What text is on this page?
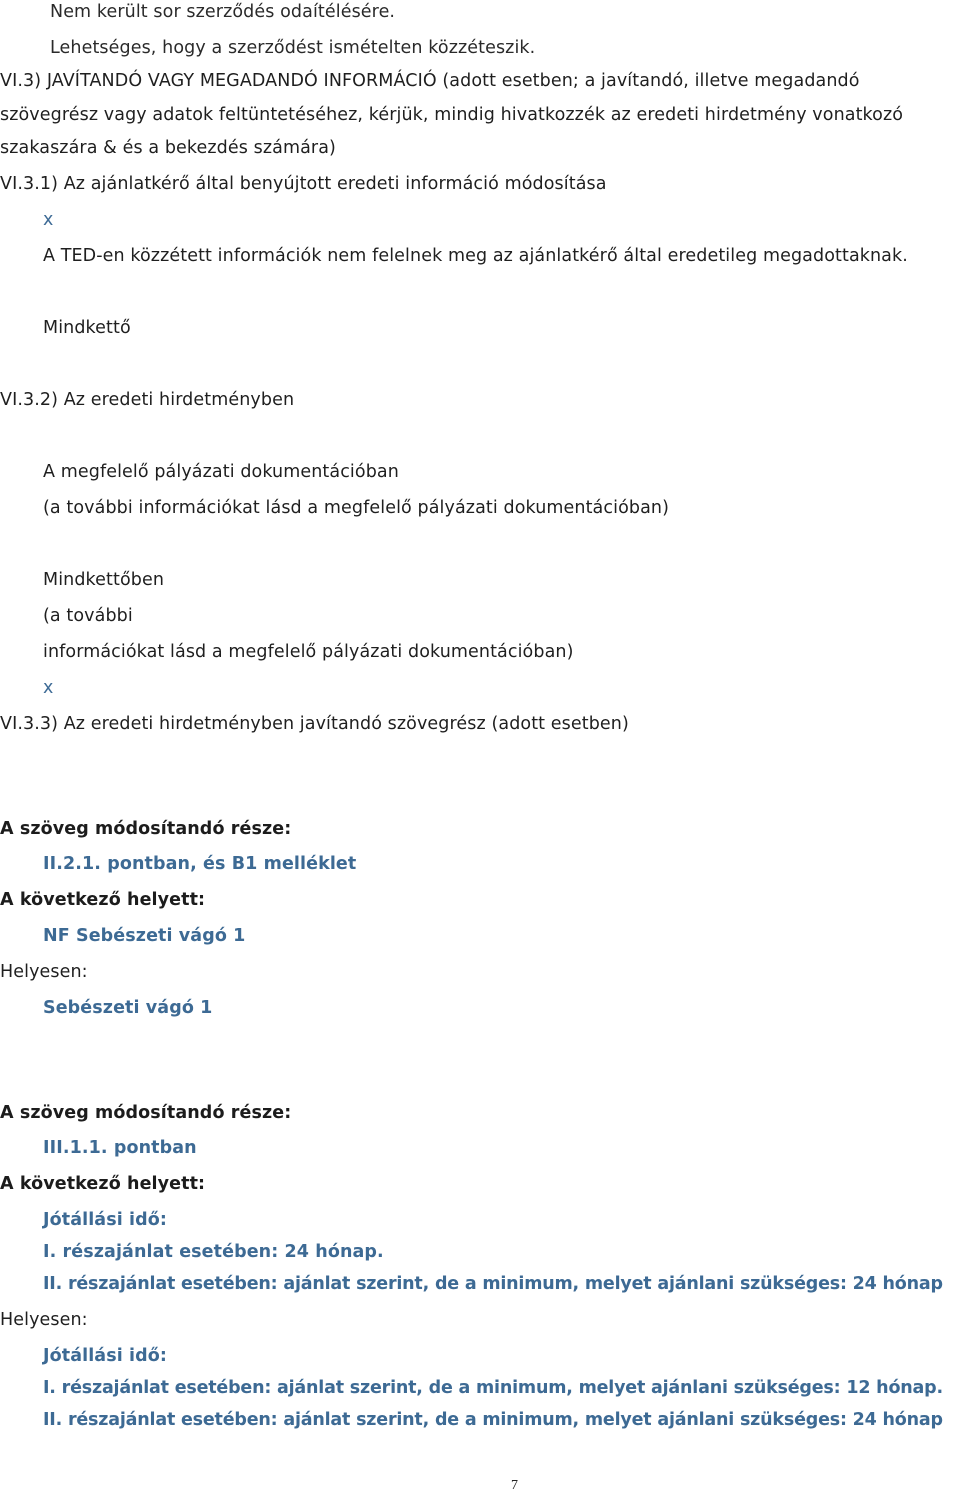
Nem került sor szerződés odaítélésére.
Lehetséges, hogy a szerződést ismételten közzéteszik.
VI.3) JAVÍTANDÓ VAGY MEGADANDÓ INFORMÁCIÓ (adott esetben; a javítandó, illetve megadandó
szövegrész vagy adatok feltüntetéséhez, kérjük, mindig hivatkozzék az eredeti hirdetmény vonatkozó
szakaszára & és a bekezdés számára)
VI.3.1) Az ajánlatkérő által benyújtott eredeti információ módosítása
x
A TED-en közzétett információk nem felelnek meg az ajánlatkérő által eredetileg megadottaknak.
Mindkettő
VI.3.2) Az eredeti hirdetményben
A megfelelő pályázati dokumentációban
(a további információkat lásd a megfelelő pályázati dokumentációban)
Mindkettőben
(a további
információkat lásd a megfelelő pályázati dokumentációban)
x
VI.3.3) Az eredeti hirdetményben javítandó szövegrész (adott esetben)
A szöveg módosítandó része:
II.2.1. pontban, és B1 melléklet
A következő helyett:
NF Sebészeti vágó 1
Helyesen:
Sebészeti vágó 1
A szöveg módosítandó része:
III.1.1. pontban
A következő helyett:
Jótállási idő:
I. részajánlat esetében: 24 hónap.
II. részajánlat esetében: ajánlat szerint, de a minimum, melyet ajánlani szükséges: 24 hónap
Helyesen:
Jótállási idő:
I. részajánlat esetében: ajánlat szerint, de a minimum, melyet ajánlani szükséges: 12 hónap.
II. részajánlat esetében: ajánlat szerint, de a minimum, melyet ajánlani szükséges: 24 hónap
7
